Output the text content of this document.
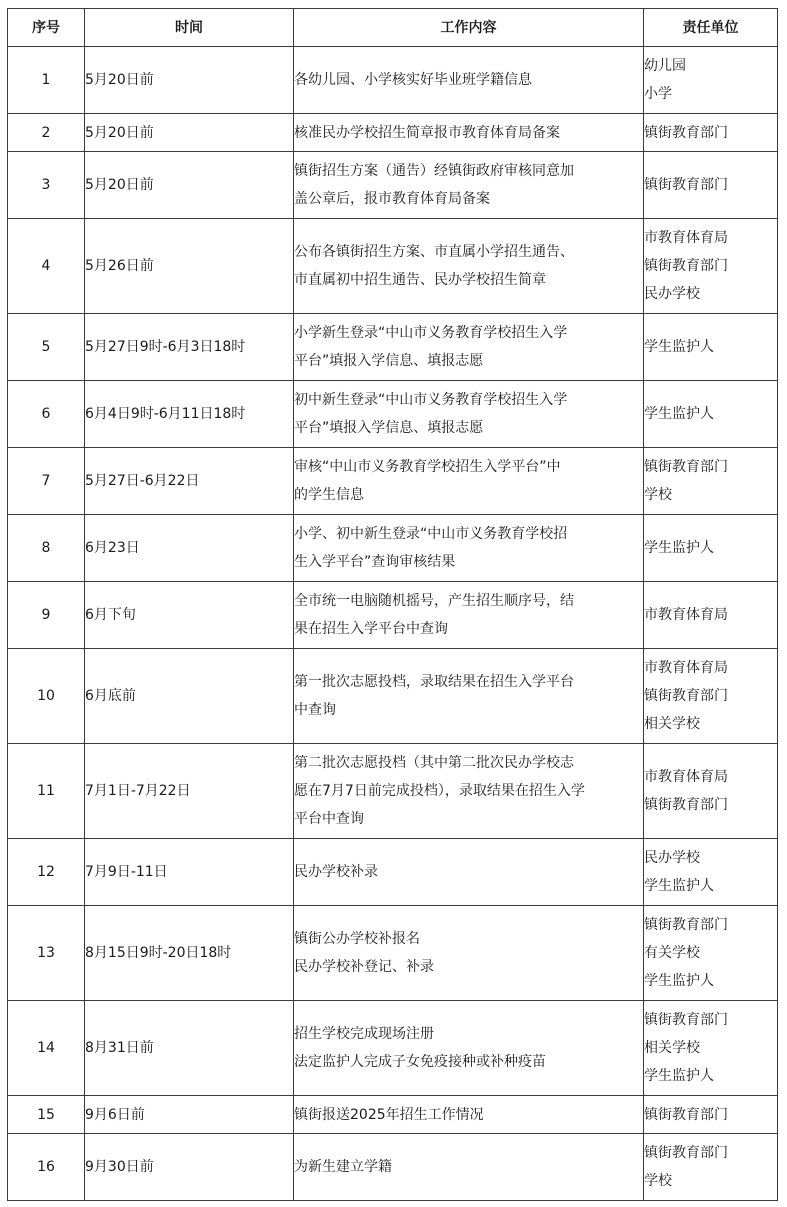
序号	时间	工作内容	责任单位
1	5月20日前	各幼儿园、小学核实好毕业班学籍信息	幼儿园
小学

2	5月20日前	核准民办学校招生简章报市教育体育局备案	镇街教育部门

3	5月20日前	镇街招生方案（通告）经镇街政府审核同意加
盖公章后，报市教育体育局备案	镇街教育部门

4	5月26日前	公布各镇街招生方案、市直属小学招生通告、
市直属初中招生通告、民办学校招生简章	市教育体育局
镇街教育部门
民办学校

5	5月27日9时-6月3日18时	小学新生登录“中山市义务教育学校招生入学
平台”填报入学信息、填报志愿	学生监护人

6	6月4日9时-6月11日18时	初中新生登录“中山市义务教育学校招生入学
平台”填报入学信息、填报志愿	学生监护人

7	5月27日-6月22日	审核“中山市义务教育学校招生入学平台”中
的学生信息	镇街教育部门
学校

8	6月23日	小学、初中新生登录“中山市义务教育学校招
生入学平台”查询审核结果	学生监护人

9	6月下旬	全市统一电脑随机摇号，产生招生顺序号，结
果在招生入学平台中查询	市教育体育局

10	6月底前	第一批次志愿投档，录取结果在招生入学平台
中查询	市教育体育局
镇街教育部门
相关学校

11	7月1日-7月22日	第二批次志愿投档（其中第二批次民办学校志
愿在7月7日前完成投档），录取结果在招生入学
平台中查询	市教育体育局
镇街教育部门

12	7月9日-11日	民办学校补录	民办学校
学生监护人

13	8月15日9时-20日18时	镇街公办学校补报名
民办学校补登记、补录	镇街教育部门
有关学校
学生监护人

14	8月31日前	招生学校完成现场注册
法定监护人完成子女免疫接种或补种疫苗	镇街教育部门
相关学校
学生监护人

15	9月6日前	镇街报送2025年招生工作情况	镇街教育部门

16	9月30日前	为新生建立学籍	镇街教育部门
学校
